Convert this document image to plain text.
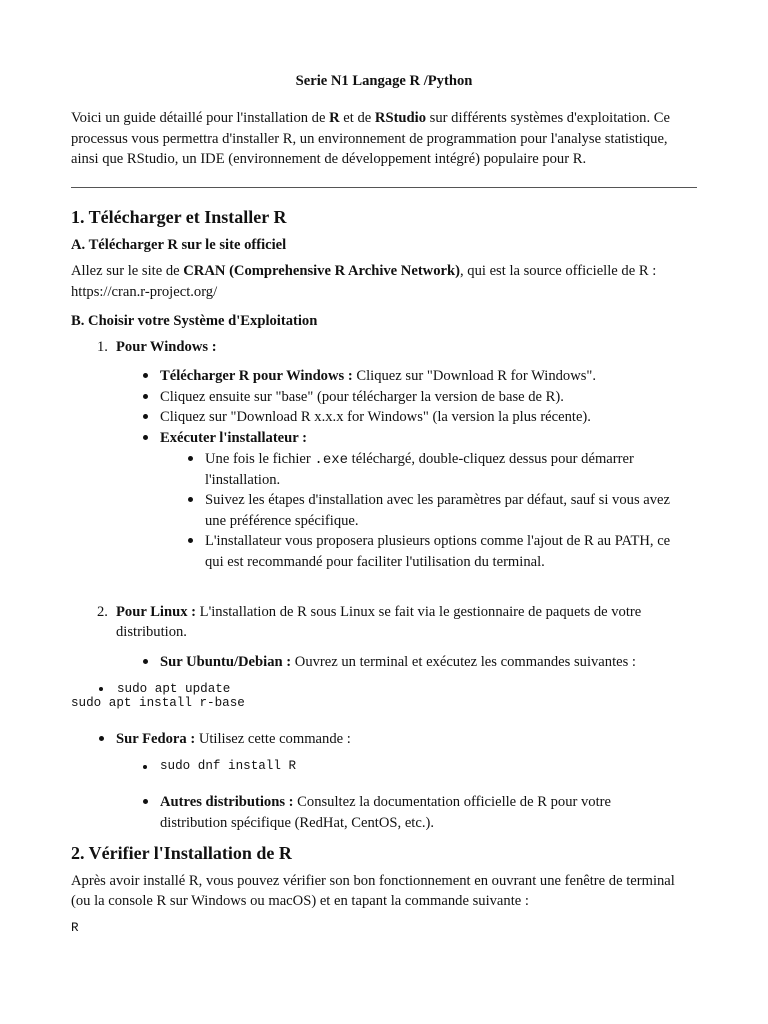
Serie N1 Langage R /Python
Voici un guide détaillé pour l'installation de R et de RStudio sur différents systèmes d'exploitation. Ce
processus vous permettra d'installer R, un environnement de programmation pour l'analyse statistique,
ainsi que RStudio, un IDE (environnement de développement intégré) populaire pour R.
1. Télécharger et Installer R
A. Télécharger R sur le site officiel
Allez sur le site de CRAN (Comprehensive R Archive Network), qui est la source officielle de R :
https://cran.r-project.org/
B. Choisir votre Système d'Exploitation
1. Pour Windows :
Télécharger R pour Windows : Cliquez sur "Download R for Windows".
Cliquez ensuite sur "base" (pour télécharger la version de base de R).
Cliquez sur "Download R x.x.x for Windows" (la version la plus récente).
Exécuter l'installateur :
Une fois le fichier .exe téléchargé, double-cliquez dessus pour démarrer
l'installation.
Suivez les étapes d'installation avec les paramètres par défaut, sauf si vous avez
une préférence spécifique.
L'installateur vous proposera plusieurs options comme l'ajout de R au PATH, ce
qui est recommandé pour faciliter l'utilisation du terminal.
2. Pour Linux : L'installation de R sous Linux se fait via le gestionnaire de paquets de votre
distribution.
Sur Ubuntu/Debian : Ouvrez un terminal et exécutez les commandes suivantes :
sudo apt update
sudo apt install r-base
Sur Fedora : Utilisez cette commande :
sudo dnf install R
Autres distributions : Consultez la documentation officielle de R pour votre
distribution spécifique (RedHat, CentOS, etc.).
2. Vérifier l'Installation de R
Après avoir installé R, vous pouvez vérifier son bon fonctionnement en ouvrant une fenêtre de terminal
(ou la console R sur Windows ou macOS) et en tapant la commande suivante :
R
